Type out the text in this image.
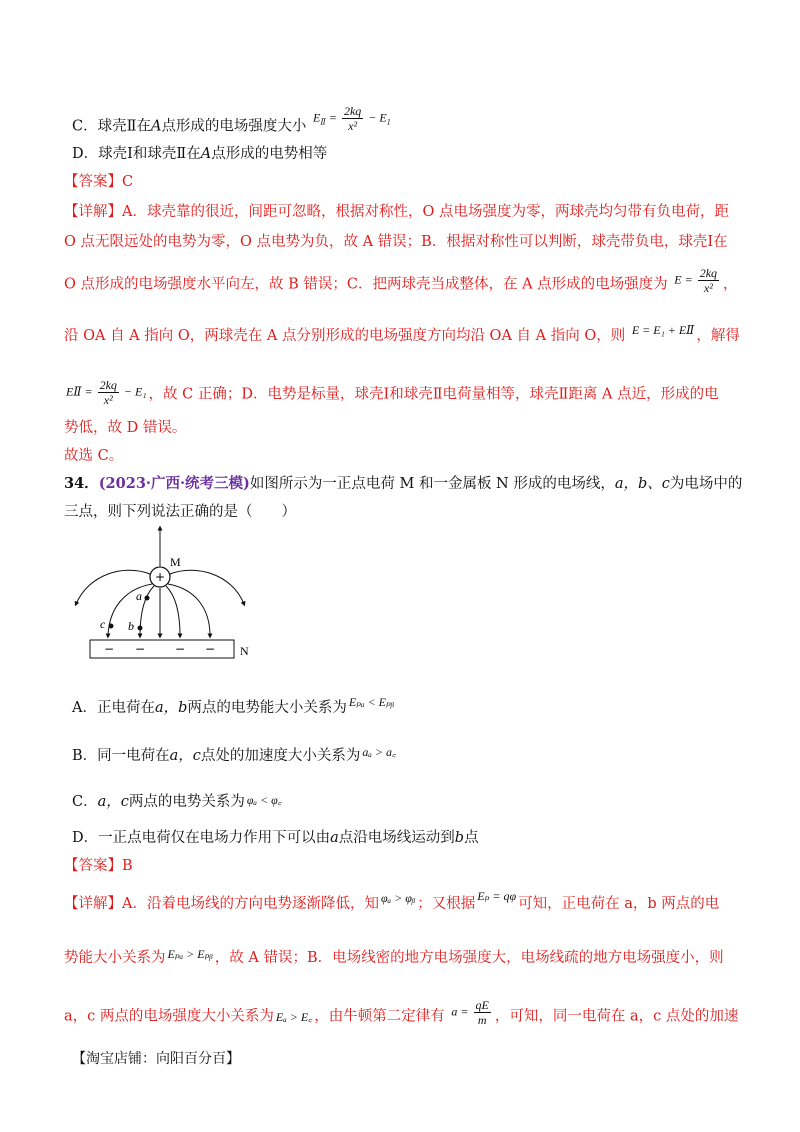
C．球壳Ⅱ在A点形成的电场强度大小 $E_Ⅱ = \frac{2kq}{\text{x²}} - E_1$
D．球壳Ⅰ和球壳Ⅱ在A点形成的电势相等
【答案】C
【详解】A．球壳靠的很近，间距可忽略，根据对称性，O 点电场强度为零，两球壳均匀带有负电荷，距
O 点无限远处的电势为零，O 点电势为负，故 A 错误；B．根据对称性可以判断，球壳带负电，球壳Ⅰ在
O 点形成的电场强度水平向左，故 B 错误；C．把两球壳当成整体，在 A 点形成的电场强度为 $E = \frac{2kq}{\text{x²}}$ ，
沿 OA 自 A 指向 O，两球壳在 A 点分别形成的电场强度方向均沿 OA 自 A 指向 O，则 E = E₁ + EⅡ ，解得
EⅡ = $\frac{2kq}{\text{x²}} - E_1$ ，故 C 正确；D．电势是标量，球壳Ⅰ和球壳Ⅱ电荷量相等，球壳Ⅱ距离 A 点近，形成的电
势低，故 D 错误。
故选 C。
34．(2023·广西·统考三模)如图所示为一正点电荷 M 和一金属板 N 形成的电场线，a，b、c为电场中的
三点，则下列说法正确的是（　　）
+
M
a
b
c
− − − − N
A．正电荷在a，b两点的电势能大小关系为 Eₚₐ < Eₚᵦ
B．同一电荷在a，c点处的加速度大小关系为 aₐ > a꜀
C．a，c两点的电势关系为 φₐ < φ꜀
D．一正点电荷仅在电场力作用下可以由a点沿电场线运动到b点
【答案】B
【详解】A．沿着电场线的方向电势逐渐降低，知 φₐ > φᵦ ；又根据 Eₚ = qφ 可知，正电荷在 a，b 两点的电
势能大小关系为 Eₚₐ > Eₚᵦ ，故 A 错误；B．电场线密的地方电场强度大，电场线疏的地方电场强度小，则
a，c 两点的电场强度大小关系为 Eₐ > E꜀ ，由牛顿第二定律有 $a = \frac{qE}{m}$ ，可知，同一电荷在 a，c 点处的加速
【淘宝店铺：向阳百分百】
